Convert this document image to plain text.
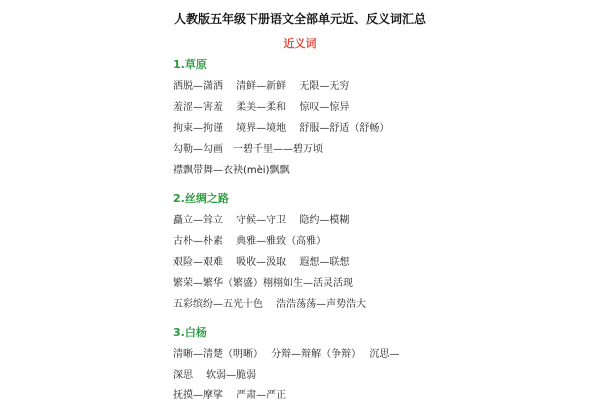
人教版五年级下册语文全部单元近、反义词汇总
近义词
1.草原
洒脱—潇洒　 清鲜—新鲜　 无限—无穷
羞涩—害羞　 柔美—柔和　 惊叹—惊异
拘束—拘谨　 境界—境地　 舒服—舒适（舒畅）
勾勒—勾画　一碧千里——碧万顷
襟飘带舞—衣袂(mèi)飘飘
2.丝绸之路
矗立—耸立　 守候—守卫　 隐约—模糊
古朴—朴素　 典雅—雅致（高雅）
艰险—艰难　 吸收—汲取　 遐想—联想
繁荣—繁华（繁盛）栩栩如生—活灵活现
五彩缤纷—五光十色　 浩浩荡荡—声势浩大
3.白杨
清晰—清楚（明晰）　 分辩—辩解（争辩）　 沉思—
深思　 软弱—脆弱
抚摸—摩挲　 严肃—严正
